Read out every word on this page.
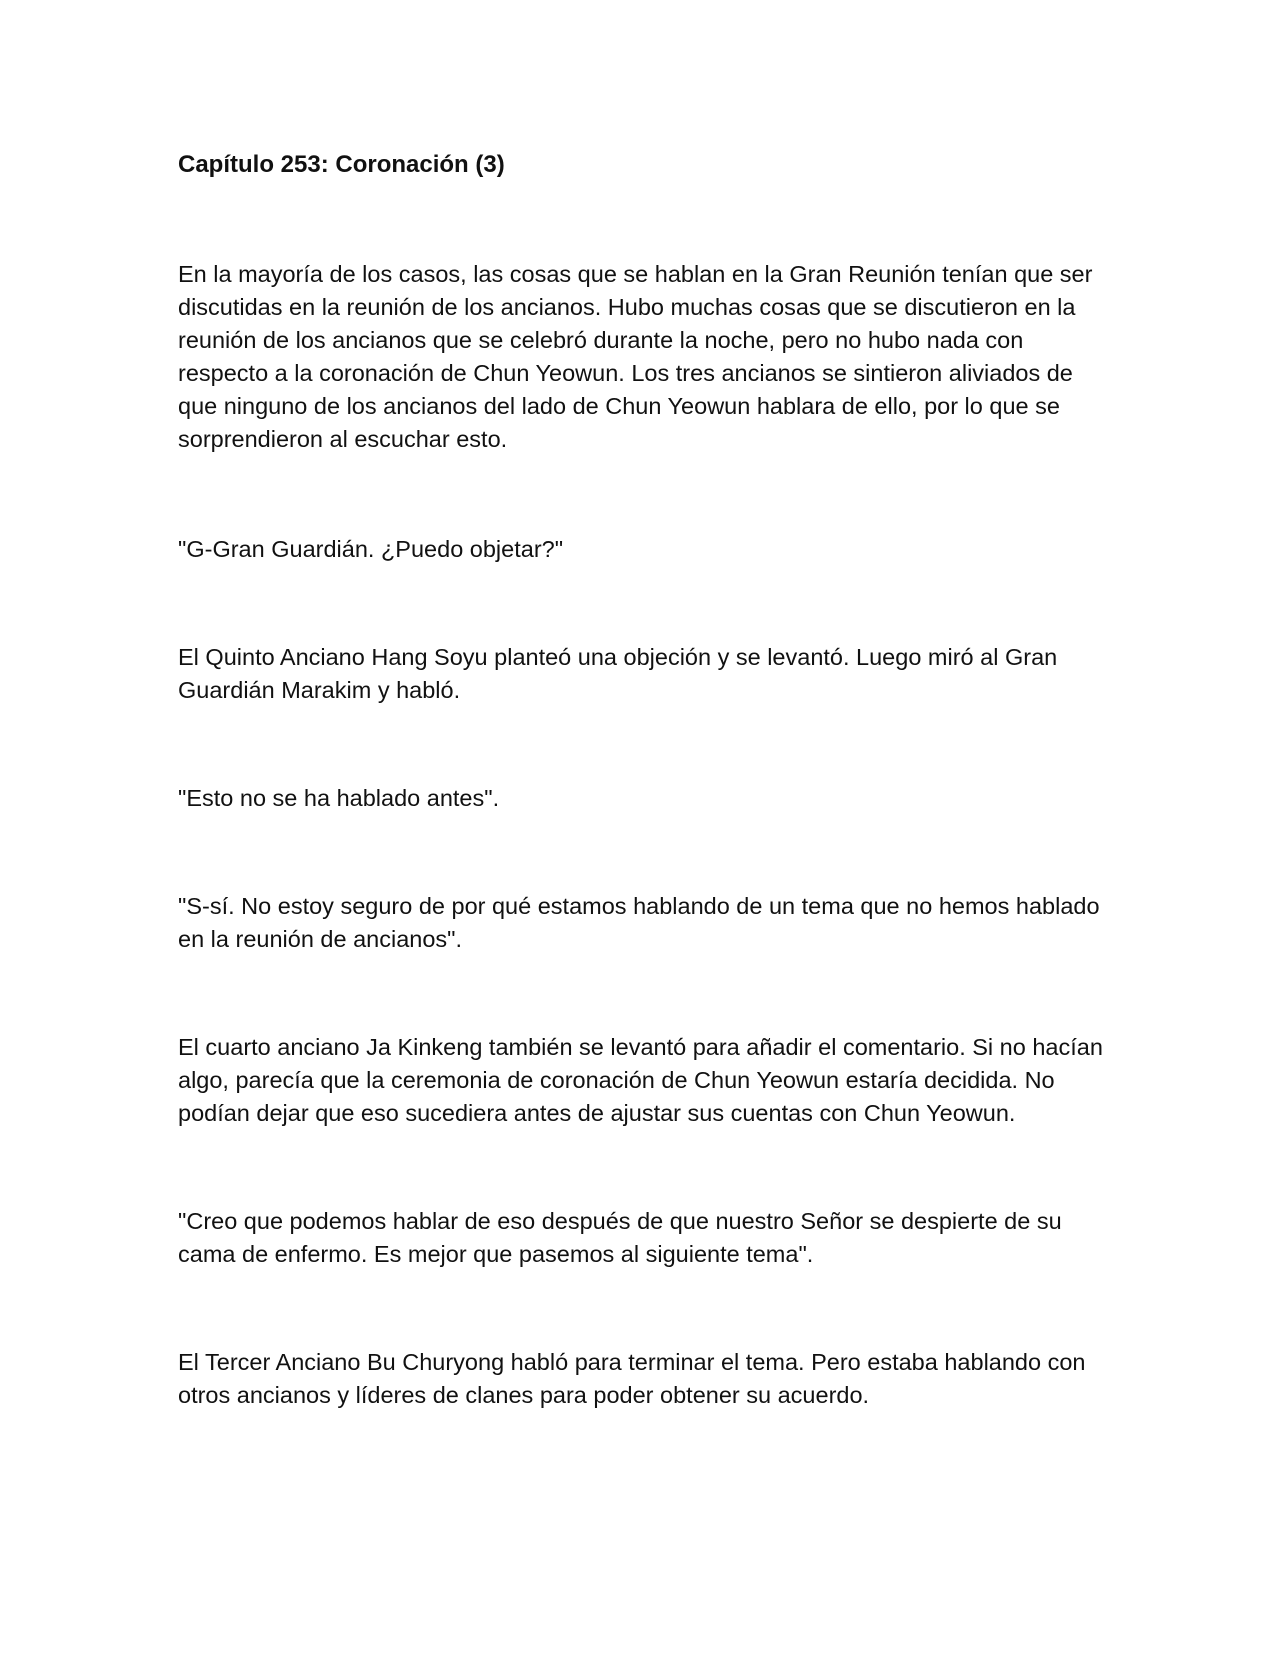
Capítulo 253: Coronación (3)

En la mayoría de los casos, las cosas que se hablan en la Gran Reunión tenían que ser discutidas en la reunión de los ancianos. Hubo muchas cosas que se discutieron en la reunión de los ancianos que se celebró durante la noche, pero no hubo nada con respecto a la coronación de Chun Yeowun. Los tres ancianos se sintieron aliviados de que ninguno de los ancianos del lado de Chun Yeowun hablara de ello, por lo que se sorprendieron al escuchar esto.

"G-Gran Guardián. ¿Puedo objetar?"

El Quinto Anciano Hang Soyu planteó una objeción y se levantó. Luego miró al Gran Guardián Marakim y habló.

"Esto no se ha hablado antes".

"S-sí. No estoy seguro de por qué estamos hablando de un tema que no hemos hablado en la reunión de ancianos".

El cuarto anciano Ja Kinkeng también se levantó para añadir el comentario. Si no hacían algo, parecía que la ceremonia de coronación de Chun Yeowun estaría decidida. No podían dejar que eso sucediera antes de ajustar sus cuentas con Chun Yeowun.

"Creo que podemos hablar de eso después de que nuestro Señor se despierte de su cama de enfermo. Es mejor que pasemos al siguiente tema".

El Tercer Anciano Bu Churyong habló para terminar el tema. Pero estaba hablando con otros ancianos y líderes de clanes para poder obtener su acuerdo.
